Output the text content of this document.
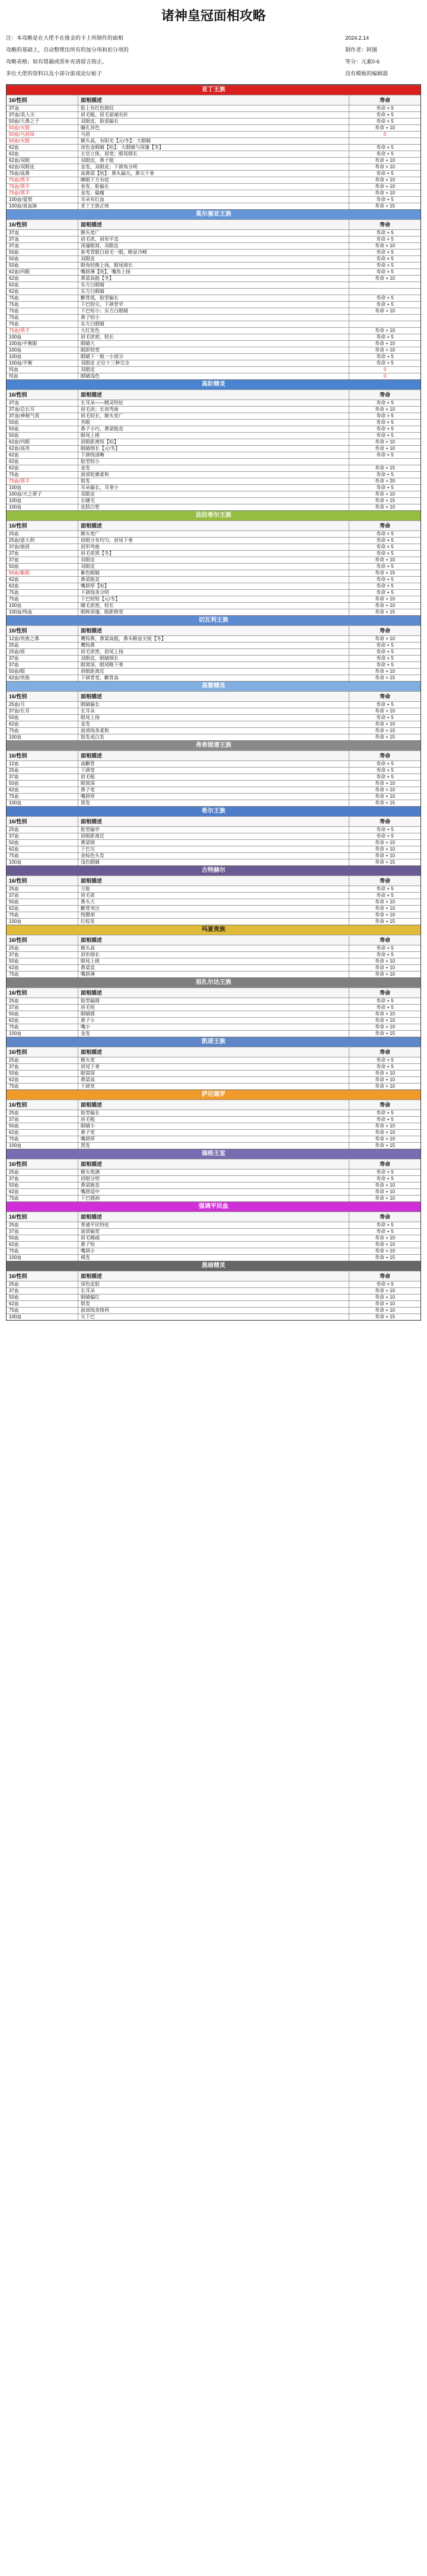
诸神皇冠面相攻略
注：本攻略是在大佬不在推金的卡上所制作的面相
攻略的基础上，自动整理出所有的加分项和扣分项的
攻略表格；如有错漏或需补充请留言指正。
多位大佬的资料以及小部分游戏论坛帖子
2024.2.14
制作者：阿图
等分：元素0-6
没有模板的编辑器
亚丁王族
16/性别	面相描述	寿命
3T血	脸上有红色斑纹	寿命 + 5
3T血/美人尖	眉毛粗、眉毛前端有折	寿命 + 5
50血/大鼻之子	双眼皮，脸部偏长	寿命 + 5
50血/火眼	瞳孔异色	寿命 + 10
50血/乌眉绿	乌眉	0
50血/火眼	额头高，有阳光【元/冬】：大眼睛
62血	淡色金眼睛【哈】：大眼睛与深邃【冬】	寿命 + 5
62血	五官立体，眉宽；眼尾细长	寿命 + 5
62血/双眼	双眼皮，鼻子挺	寿命 + 10
62血/双眼皮	金发、双眼皮；下颌角分明	寿命 + 10
75血/高鼻	高鼻梁【哈】：鼻头偏尖，鼻尖下垂	寿命 + 5
75血/黑羊	睡眼下方有痣	寿命 + 10
75血/黑羊	卷发、脸偏长	寿命 + 10
75血/黑羊	金发、偏瘦	寿命 + 10
100血/爱恨	耳朵有红血	寿命 + 5
100血/真血脉	亚丁王族正统	寿命 + 15
莫尔塞亚王族
16/性别	面相描述	寿命
3T血	额头宽广	寿命 + 5
3T血	眉毛浓，眉形平直	寿命 + 5
3T血	深邃眼窝，双眼皮	寿命 + 10
50血	参考青眼白眉毛一眼，略显冷峻	寿命 + 5
50血	双眼皮	寿命 + 5
50血	眼角轻微上扬，眼尾细长	寿命 + 5
62血/内眼	嘴唇薄【哈】，嘴角上扬	寿命 + 5
62血	鼻梁高挺【冬】	寿命 + 10
62血	东方白眼睛
62血	东方白眼睛
75血	颧骨低，脸型偏长	寿命 + 5
75血	下巴较尖，下颌骨窄	寿命 + 5
75血	下巴短小；东方白眼睛	寿命 + 10
75血	鼻子较小
75血	东方白眼睛
75血/黑羊	大红发色	寿命 + 10
100血	眉毛浓密、较长	寿命 + 5
100血/平衡眼	眼睛大	寿命 + 10
100血	眼距较宽	寿命 + 10
100血	眼睛下一般一小部分	寿命 + 5
100血/平衡	双眼皮 正位十三种完全	寿命 + 5
纯血	双眼皮	0
纯血	眼睛浅色	0
高阶精灵
16/性别	面相描述	寿命
3T血	长耳朵——精灵特征	寿命 + 5
3T血/总长耳	眉毛淡；长而弯曲	寿命 + 10
3T血/神秘气质	眉毛较长，额头宽广	寿命 + 5
50血	杏眼	寿命 + 5
50血	鼻子小巧，鼻梁挺直	寿命 + 5
50血	眼尾上挑	寿命 + 5
62血/内眼	眉眼距离短【哈】	寿命 + 10
62血/高贵	眼睛细长【元/冬】	寿命 + 10
62血	下颌线清晰	寿命 + 5
62血	脸型较小
62血	金发	寿命 + 15
75血	面部轮廓柔和	寿命 + 5
75血/黑羊	银发	寿命 + 20
100血	耳朵偏长，耳垂小	寿命 + 5
100血/天之骄子	双眼皮	寿命 + 10
100血	长睫毛	寿命 + 15
100血	皮肤白皙	寿命 + 10
法拉希尔王族
16/性别	面相描述	寿命
25血	额头宽广	寿命 + 5
25血/意大利	眉眼分布均匀，眉尾下垂	寿命 + 5
37血/曲眉	眉形弯曲	寿命 + 5
37血	眉毛浓黑【冬】	寿命 + 5
37血	双眼皮	寿命 + 10
50血	双眼皮	寿命 + 5
50血/紫眼	紫色眼睛	寿命 + 15
62血	鼻梁挺直	寿命 + 5
62血	嘴唇厚【哈】	寿命 + 5
75血	下颌线条分明	寿命 + 5
75血	下巴较短【元/冬】	寿命 + 10
100血	睫毛浓密，较长	寿命 + 10
100血/纯血	眼眸深邃，眼距稍宽	寿命 + 15
切瓦利王族
16/性别	面相描述	寿命
12血/贵族之鼻	鹰钩鼻，鼻梁高挺，鼻头略显尖锐【冬】	寿命 + 10
25血	鹰钩鼻	寿命 + 5
25血/眉	眉毛浓密，眉尾上扬	寿命 + 5
37血	双眼皮，眼睛细长	寿命 + 5
37血	眼窝深，眼尾略下垂	寿命 + 5
50血/眼	眉眼距离近	寿命 + 10
62血/贵族	下颌骨宽，颧骨高	寿命 + 15
高黎精灵
16/性别	面相描述	寿命
25血/月	眼睛偏长	寿命 + 5
37血/长耳	长耳朵	寿命 + 10
50血	眼尾上扬	寿命 + 5
62血	金发	寿命 + 10
75血	面部线条柔和	寿命 + 10
100血	银发或白发	寿命 + 15
弗希缇谱王族
16/性别	面相描述	寿命
12血	高颧骨	寿命 + 5
25血	下颌宽	寿命 + 5
37血	眉毛粗	寿命 + 5
50血	眼窝深	寿命 + 10
62血	鼻子宽	寿命 + 10
75血	嘴唇厚	寿命 + 10
100血	黑发	寿命 + 15
希尔王族
16/性别	面相描述	寿命
25血	脸型偏窄	寿命 + 5
37血	眉眼距离近	寿命 + 5
50血	鼻梁细	寿命 + 10
62血	下巴尖	寿命 + 10
75血	金棕色头发	寿命 + 10
100血	浅色眼睛	寿命 + 15
古特赫尔
16/性别	面相描述	寿命
25血	方脸	寿命 + 5
37血	眉毛浓	寿命 + 5
50血	鼻头大	寿命 + 10
62血	颧骨突出	寿命 + 10
75血	络腮胡	寿命 + 10
100血	红棕发	寿命 + 15
玛夏贵族
16/性别	面相描述	寿命
25血	额头高	寿命 + 5
37血	眉形细长	寿命 + 5
50血	眼尾上挑	寿命 + 10
62血	鼻梁直	寿命 + 10
75血	嘴唇薄	寿命 + 10
祖扎尔达王族
16/性别	面相描述	寿命
25血	脸型偏圆	寿命 + 5
37血	眉毛短	寿命 + 5
50血	眼睛圆	寿命 + 10
62血	鼻子小	寿命 + 10
75血	嘴小	寿命 + 10
100血	金发	寿命 + 15
凯诺王族
16/性别	面相描述	寿命
25血	额头宽	寿命 + 5
37血	眉尾下垂	寿命 + 5
50血	眼窝深	寿命 + 10
62血	鼻梁高	寿命 + 10
75血	下颌宽	寿命 + 10
萨尼德罗
16/性别	面相描述	寿命
25血	脸型偏长	寿命 + 5
37血	眉毛粗	寿命 + 5
50血	眼睛小	寿命 + 10
62血	鼻子宽	寿命 + 10
75血	嘴唇厚	寿命 + 10
100血	黑发	寿命 + 15
瑞格王室
16/性别	面相描述	寿命
25血	额头饱满	寿命 + 5
37血	眉眼分明	寿命 + 5
50血	鼻梁挺直	寿命 + 10
62血	嘴唇适中	寿命 + 10
75血	下巴圆润	寿命 + 10
强调平民血
16/性别	面相描述	寿命
25血	普通平民特征	寿命 + 5
37血	面部偏宽	寿命 + 5
50血	眉毛稀疏	寿命 + 10
62血	鼻子短	寿命 + 10
75血	嘴唇小	寿命 + 10
100血	褐发	寿命 + 15
黑暗精灵
16/性别	面相描述	寿命
25血	深色皮肤	寿命 + 5
37血	长耳朵	寿命 + 10
50血	眼睛偏红	寿命 + 10
62血	银发	寿命 + 10
75血	面部线条锋利	寿命 + 10
100血	尖下巴	寿命 + 15
